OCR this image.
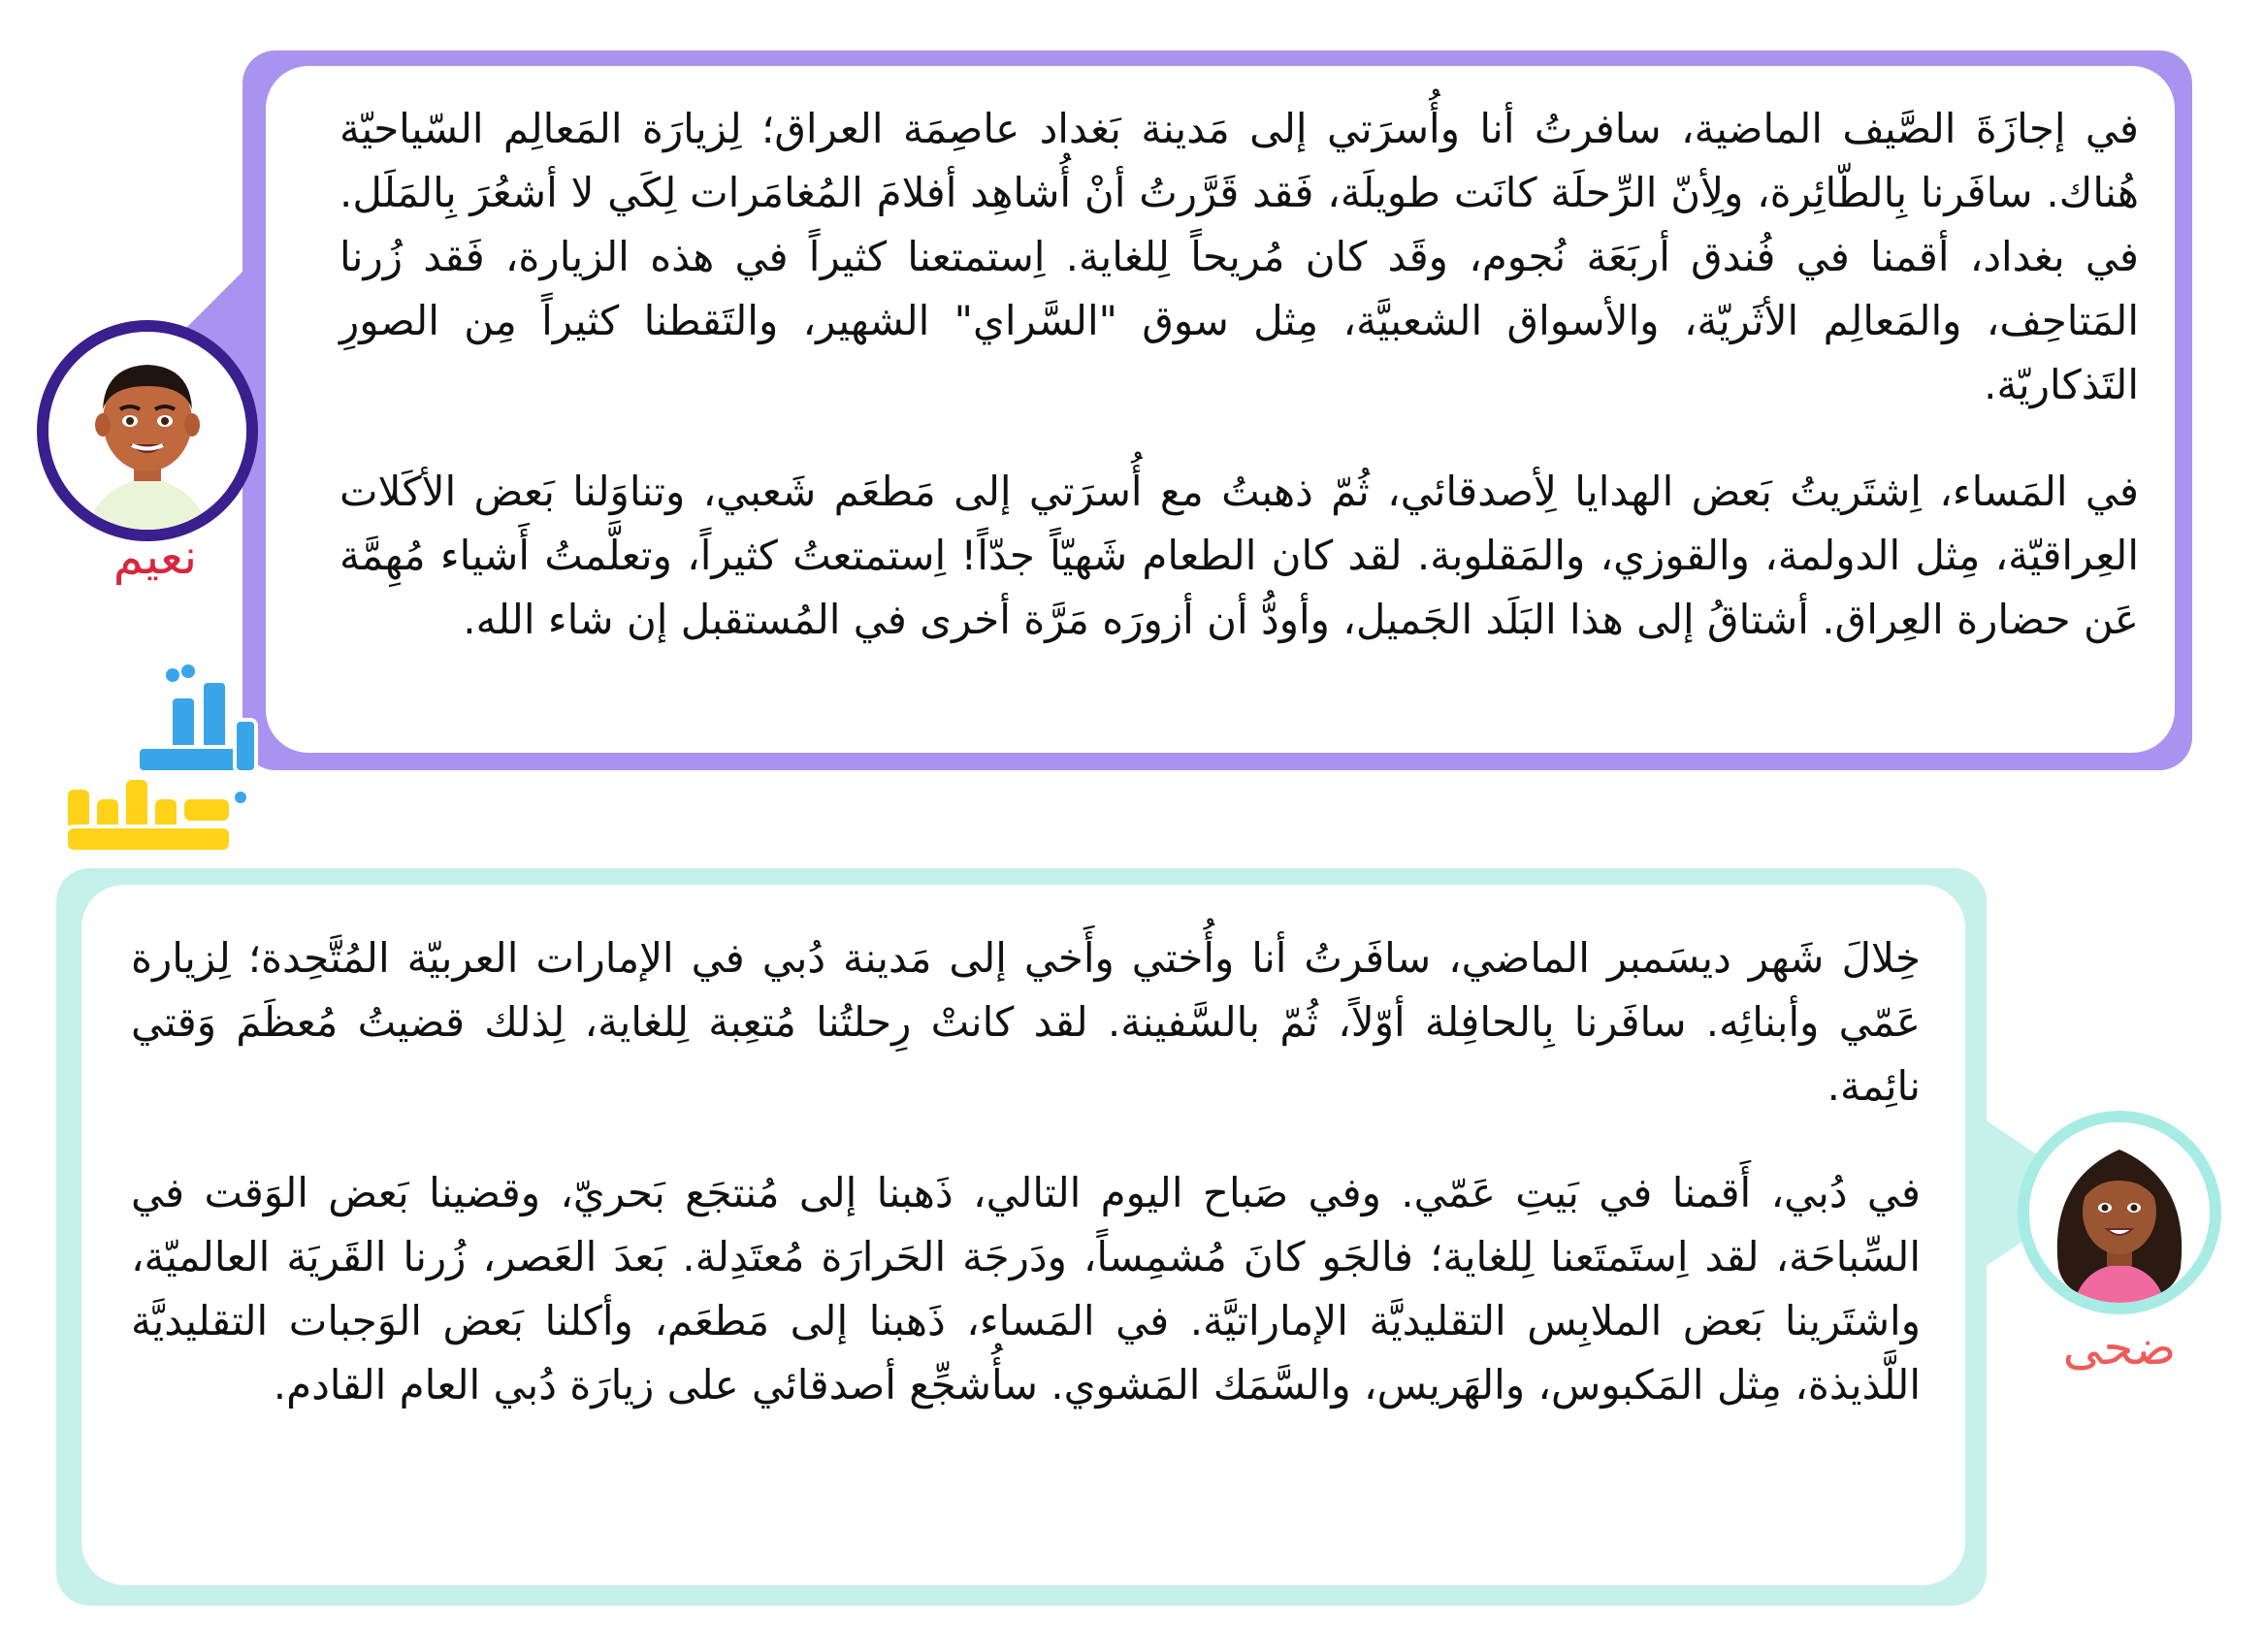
في إجازَةَ الصَّيف الماضية، سافرتُ أنا وأُسرَتي إلى مَدينة بَغداد عاصِمَة العراق؛ لِزيارَة المَعالِم السّياحيّة هُناك. سافَرنا بِالطّائِرة، ولِأنّ الرِّحلَة كانَت طويلَة، فَقد قَرَّرتُ أنْ أُشاهِد أفلامَ المُغامَرات لِكَي لا أشعُرَ بِالمَلَل. في بغداد، أقمنا في فُندق أربَعَة نُجوم، وقَد كان مُريحاً لِلغاية. اِستمتعنا كثيراً في هذه الزيارة، فَقد زُرنا المَتاحِف، والمَعالِم الأثَريّة، والأسواق الشعبيَّة، مِثل سوق "السَّراي" الشهير، والتَقطنا كثيراً مِن الصورِ التَذكاريّة.

في المَساء، اِشتَريتُ بَعض الهدايا لِأصدقائي، ثُمّ ذهبتُ مع أُسرَتي إلى مَطعَم شَعبي، وتناوَلنا بَعض الأكَلات العِراقيّة، مِثل الدولمة، والقوزي، والمَقلوبة. لقد كان الطعام شَهيّاً جدّاً! اِستمتعتُ كثيراً، وتعلَّمتُ أَشياء مُهِمَّة عَن حضارة العِراق. أشتاقُ إلى هذا البَلَد الجَميل، وأودُّ أن أزورَه مَرَّة أخرى في المُستقبل إن شاء الله.

نعيم

خِلالَ شَهر ديسَمبر الماضي، سافَرتُ أنا وأُختي وأَخي إلى مَدينة دُبي في الإمارات العربيّة المُتَّحِدة؛ لِزيارة عَمّي وأبنائِه. سافَرنا بِالحافِلة أوّلاً، ثُمّ بالسَّفينة. لقد كانتْ رِحلتُنا مُتعِبة لِلغاية، لِذلك قضيتُ مُعظَمَ وَقتي نائِمة.

في دُبي، أَقمنا في بَيتِ عَمّي. وفي صَباح اليوم التالي، ذَهبنا إلى مُنتجَع بَحريّ، وقضينا بَعض الوَقت في السِّباحَة، لقد اِستَمتَعنا لِلغاية؛ فالجَو كانَ مُشمِساً، ودَرجَة الحَرارَة مُعتَدِلة. بَعدَ العَصر، زُرنا القَريَة العالميّة، واشتَرينا بَعض الملابِس التقليديَّة الإماراتيَّة. في المَساء، ذَهبنا إلى مَطعَم، وأكلنا بَعض الوَجبات التقليديَّة اللَّذيذة، مِثل المَكبوس، والهَريس، والسَّمَك المَشوي. سأُشجِّع أصدقائي على زيارَة دُبي العام القادم.

ضحى
